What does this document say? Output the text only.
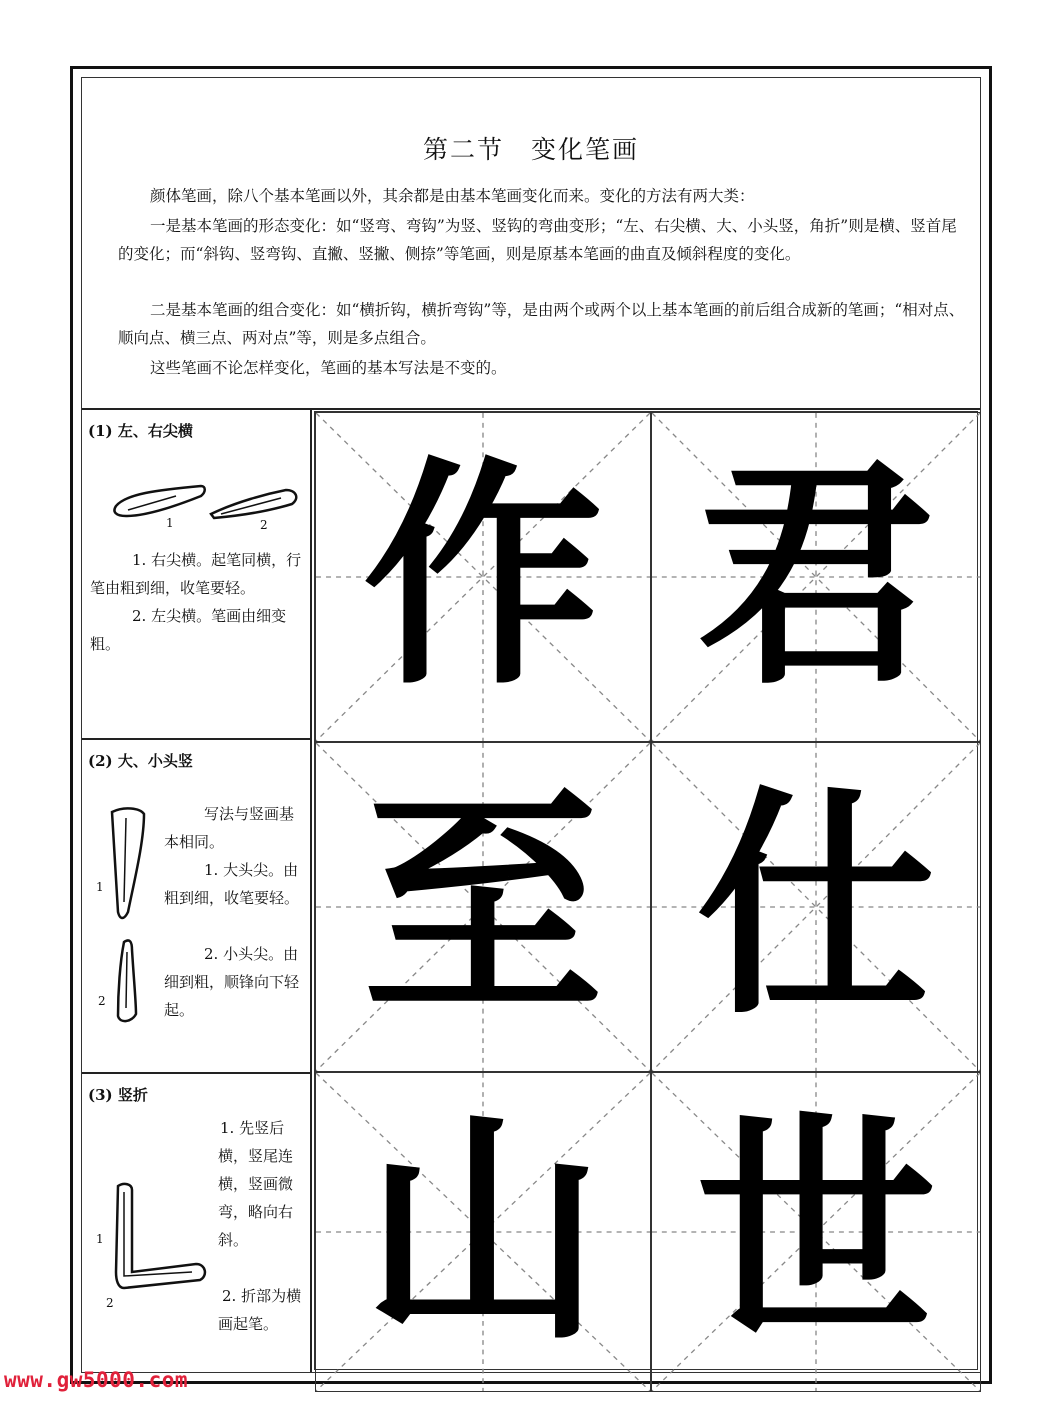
第二节　变化笔画

颜体笔画，除八个基本笔画以外，其余都是由基本笔画变化而来。变化的方法有两大类：

一是基本笔画的形态变化：如“竖弯、弯钩”为竖、竖钩的弯曲变形；“左、右尖横、大、小头竖，角折”则是横、竖首尾的变化；而“斜钩、竖弯钩、直撇、竖撇、侧捺”等笔画，则是原基本笔画的曲直及倾斜程度的变化。

二是基本笔画的组合变化：如“横折钩，横折弯钩”等，是由两个或两个以上基本笔画的前后组合成新的笔画；“相对点、顺向点、横三点、两对点”等，则是多点组合。

这些笔画不论怎样变化，笔画的基本写法是不变的。

(1) 左、右尖横
1	2

1. 右尖横。起笔同横，行笔由粗到细，收笔要轻。

2. 左尖横。笔画由细变粗。

(2) 大、小头竖
1
2

写法与竖画基本相同。

1. 大头尖。由粗到细，收笔要轻。

2. 小头尖。由细到粗，顺锋向下轻起。

(3) 竖折
1
2

1. 先竖后横，竖尾连横，竖画微弯，略向右斜。

2. 折部为横画起笔。

作 君
至 仕
山 世
www.gw5000.com
